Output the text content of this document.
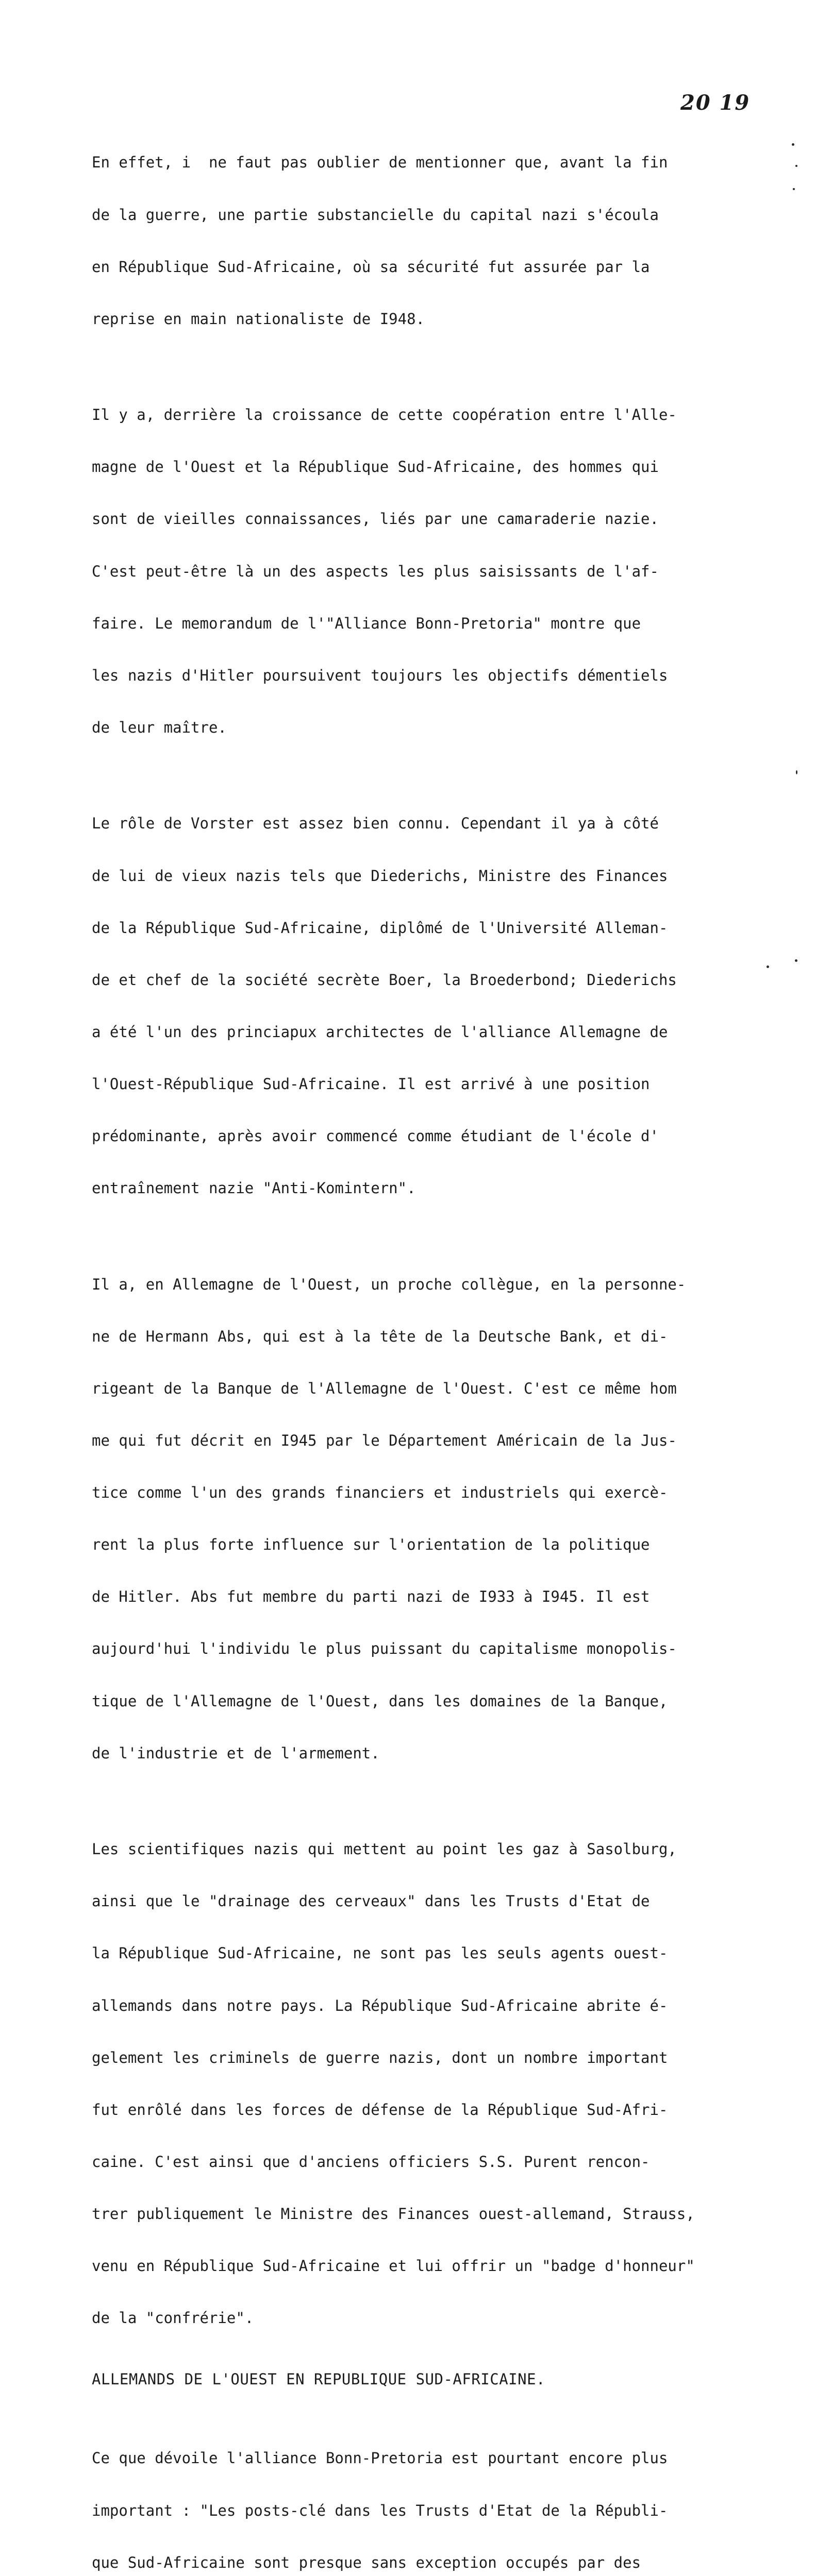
20 19

En effet, i  ne faut pas oublier de mentionner que, avant la fin

de la guerre, une partie substancielle du capital nazi s'écoula

en République Sud-Africaine, où sa sécurité fut assurée par la

reprise en main nationaliste de I948.

Il y a, derrière la croissance de cette coopération entre l'Alle-

magne de l'Ouest et la République Sud-Africaine, des hommes qui

sont de vieilles connaissances, liés par une camaraderie nazie.

C'est peut-être là un des aspects les plus saisissants de l'af-

faire. Le memorandum de l'"Alliance Bonn-Pretoria" montre que

les nazis d'Hitler poursuivent toujours les objectifs démentiels

de leur maître.

Le rôle de Vorster est assez bien connu. Cependant il ya à côté

de lui de vieux nazis tels que Diederichs, Ministre des Finances

de la République Sud-Africaine, diplômé de l'Université Alleman-

de et chef de la société secrète Boer, la Broederbond; Diederichs

a été l'un des princiapux architectes de l'alliance Allemagne de

l'Ouest-République Sud-Africaine. Il est arrivé à une position

prédominante, après avoir commencé comme étudiant de l'école d'

entraînement nazie "Anti-Komintern".

Il a, en Allemagne de l'Ouest, un proche collègue, en la personne-

ne de Hermann Abs, qui est à la tête de la Deutsche Bank, et di-

rigeant de la Banque de l'Allemagne de l'Ouest. C'est ce même hom

me qui fut décrit en I945 par le Département Américain de la Jus-

tice comme l'un des grands financiers et industriels qui exercè-

rent la plus forte influence sur l'orientation de la politique

de Hitler. Abs fut membre du parti nazi de I933 à I945. Il est

aujourd'hui l'individu le plus puissant du capitalisme monopolis-

tique de l'Allemagne de l'Ouest, dans les domaines de la Banque,

de l'industrie et de l'armement.

Les scientifiques nazis qui mettent au point les gaz à Sasolburg,

ainsi que le "drainage des cerveaux" dans les Trusts d'Etat de

la République Sud-Africaine, ne sont pas les seuls agents ouest-

allemands dans notre pays. La République Sud-Africaine abrite é-

gelement les criminels de guerre nazis, dont un nombre important

fut enrôlé dans les forces de défense de la République Sud-Afri-

caine. C'est ainsi que d'anciens officiers S.S. Purent rencon-

trer publiquement le Ministre des Finances ouest-allemand, Strauss,

venu en République Sud-Africaine et lui offrir un "badge d'honneur"

de la "confrérie".

ALLEMANDS DE L'OUEST EN REPUBLIQUE SUD-AFRICAINE.

Ce que dévoile l'alliance Bonn-Pretoria est pourtant encore plus

important : "Les posts-clé dans les Trusts d'Etat de la Républi-

que Sud-Africaine sont presque sans exception occupés par des
